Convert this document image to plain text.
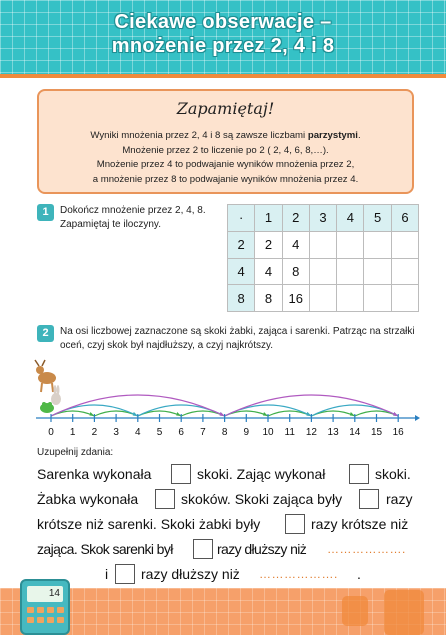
Ciekawe obserwacje –
mnożenie przez 2, 4 i 8
Zapamiętaj!
Wyniki mnożenia przez 2, 4 i 8 są zawsze liczbami parzystymi.
Mnożenie przez 2 to liczenie po 2 ( 2, 4, 6, 8,…).
Mnożenie przez 4 to podwajanie wyników mnożenia przez 2,
a mnożenie przez 8 to podwajanie wyników mnożenia przez 4.
1	Dokończ mnożenie przez 2, 4, 8.
Zapamiętaj te iloczyny.	·	1	2	3	4	5	6
2	2	4				
4	4	8				
8	8	16				
2	Na osi liczbowej zaznaczone są skoki żabki, zająca i sarenki. Patrząc na strzałki
oceń, czyj skok był najdłuższy, a czyj najkrótszy.
0 1 2 3 4 5 6 7 8 9 10 11 12 13 14 15 16
Uzupełnij zdania:
Sarenka wykonała	skoki. Zając wykonał	skoki.
Żabka wykonała	skoków. Skoki zająca były	razy
krótsze niż sarenki. Skoki żabki były	razy krótsze niż
zająca. Skok sarenki był	razy dłuższy niż ……………….
i razy dłuższy niż ………………. .
14
